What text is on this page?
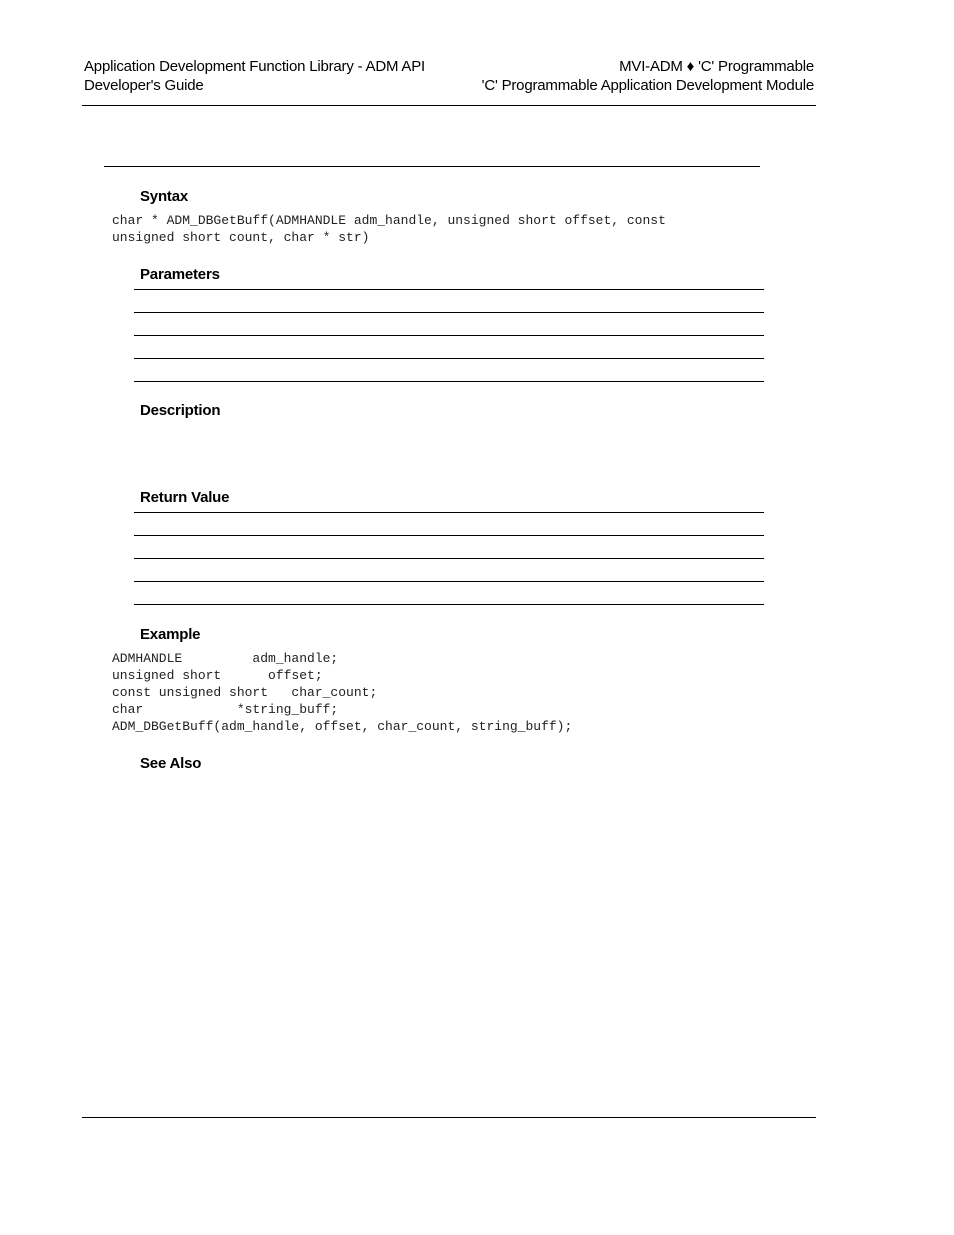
Application Development Function Library - ADM API
Developer's Guide
MVI-ADM ♦ 'C' Programmable
'C' Programmable Application Development Module
Syntax
char * ADM_DBGetBuff(ADMHANDLE adm_handle, unsigned short offset, const
unsigned short count, char * str)
Parameters
Description
Return Value
Example
ADMHANDLE         adm_handle;
unsigned short      offset;
const unsigned short   char_count;
char            *string_buff;
ADM_DBGetBuff(adm_handle, offset, char_count, string_buff);
See Also
